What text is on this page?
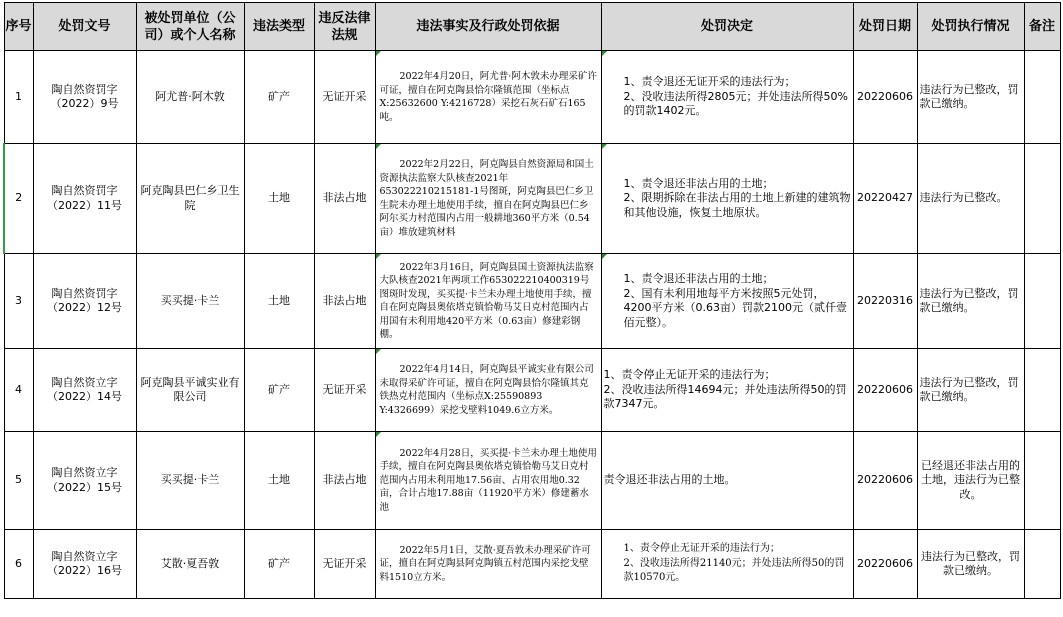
序号	处罚文号	被处罚单位（公司）或个人名称	违法类型	违反法律法规	违法事实及行政处罚依据	处罚决定	处罚日期	处罚执行情况	备注
1	陶自然资罚字（2022）9号	阿尤普·阿木敦	矿产	无证开采	2022年4月20日，阿尤普·阿木敦未办理采矿许可证，擅自在阿克陶县恰尔隆镇范围（坐标点X:25632600 Y:4216728）采挖石灰石矿石165吨。	1、责令退还无证开采的违法行为；
2、没收违法所得2805元；并处违法所得50%的罚款1402元。	20220606	违法行为已整改，罚款已缴纳。	
2	陶自然资罚字（2022）11号	阿克陶县巴仁乡卫生院	土地	非法占地	2022年2月22日，阿克陶县自然资源局和国土资源执法监察大队核查2021年653022210215181-1号图斑，阿克陶县巴仁乡卫生院未办理土地使用手续，擅自在阿克陶县巴仁乡阿尔买力村范围内占用一般耕地360平方米（0.54亩）堆放建筑材料	1、责令退还非法占用的土地；
2、限期拆除在非法占用的土地上新建的建筑物和其他设施，恢复土地原状。	20220427	违法行为已整改。	
3	陶自然资罚字（2022）12号	买买提·卡兰	土地	非法占地	2022年3月16日，阿克陶县国土资源执法监察大队核查2021年两项工作653022210400319号图斑时发现，买买提·卡兰未办理土地使用手续，擅自在阿克陶县奥依塔克镇恰勒马艾日克村范围内占用国有未利用地420平方米（0.63亩）修建彩钢棚。	1、责令退还非法占用的土地；
2、国有未利用地每平方米按照5元处罚，4200平方米（0.63亩）罚款2100元（贰仟壹佰元整）。	20220316	违法行为已整改，罚款已缴纳。	
4	陶自然资立字（2022）14号	阿克陶县平诚实业有限公司	矿产	无证开采	2022年4月14日，阿克陶县平诚实业有限公司未取得采矿许可证，擅自在阿克陶县恰尔隆镇其克铁热克村范围内（坐标点X:25590893 Y:4326699）采挖戈壁料1049.6立方米。	1、责令停止无证开采的违法行为；
2、没收违法所得14694元；并处违法所得50的罚款7347元。	20220606	违法行为已整改，罚款已缴纳。	
5	陶自然资立字（2022）15号	买买提·卡兰	土地	非法占地	2022年4月28日，买买提·卡兰未办理土地使用手续，擅自在阿克陶县奥依塔克镇恰勒马艾日克村范围内占用未利用地17.56亩、占用农用地0.32亩，合计占地17.88亩（11920平方米）修建蓄水池	责令退还非法占用的土地。	20220606	已经退还非法占用的土地，违法行为已整改。	
6	陶自然资立字（2022）16号	艾散·夏吾敦	矿产	无证开采	2022年5月1日，艾散·夏吾敦未办理采矿许可证，擅自在阿克陶县阿克陶镇五村范围内采挖戈壁料1510立方米。	1、责令停止无证开采的违法行为；
2、没收违法所得21140元；并处违法所得50的罚款10570元。	20220606	违法行为已整改，罚款已缴纳。	
